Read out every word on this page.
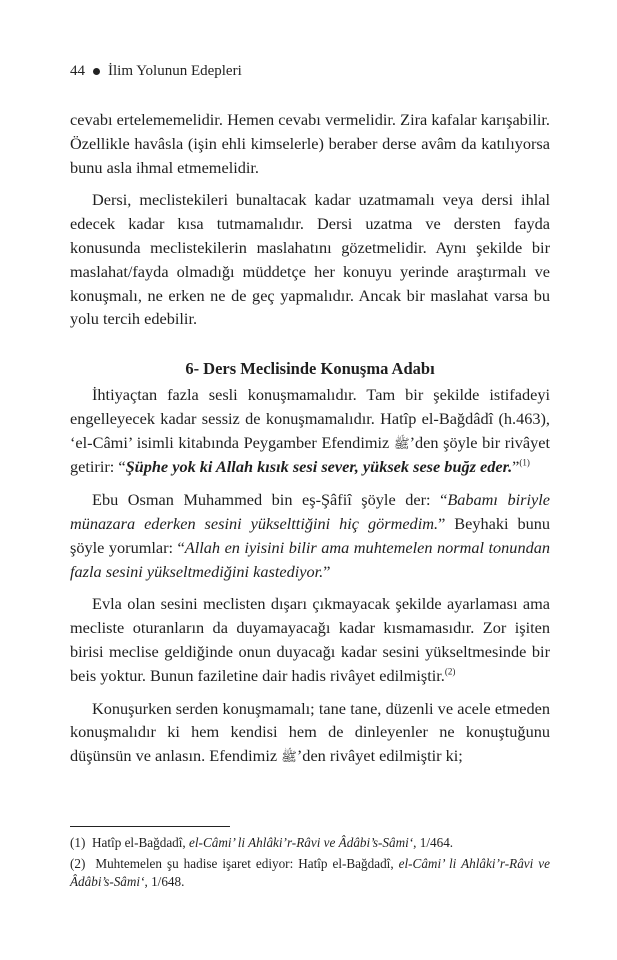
44 İlim Yolunun Edepleri

cevabı ertelememelidir. Hemen cevabı vermelidir. Zira kafalar karışabilir. Özellikle havâsla (işin ehli kimselerle) beraber derse avâm da katılıyorsa bunu asla ihmal etmemelidir.

Dersi, meclistekileri bunaltacak kadar uzatmamalı veya dersi ihlal edecek kadar kısa tutmamalıdır. Dersi uzatma ve dersten fayda konusunda meclistekilerin maslahatını gözetmelidir. Aynı şekilde bir maslahat/fayda olmadığı müddetçe her konuyu yerinde araştırmalı ve konuşmalı, ne erken ne de geç yapmalıdır. Ancak bir maslahat varsa bu yolu tercih edebilir.

6- Ders Meclisinde Konuşma Adabı

İhtiyaçtan fazla sesli konuşmamalıdır. Tam bir şekilde istifadeyi engelleyecek kadar sessiz de konuşmamalıdır. Hatîp el-Bağdâdî (h.463), ‘el-Câmi’ isimli kitabında Peygamber Efendimiz ﷺ’den şöyle bir rivâyet getirir: “Şüphe yok ki Allah kısık sesi sever, yüksek sese buğz eder.”$^{(1)}$

Ebu Osman Muhammed bin eş-Şâfiî şöyle der: “Babamı biriyle münazara ederken sesini yükselttiğini hiç görmedim.” Beyhaki bunu şöyle yorumlar: “Allah en iyisini bilir ama muhtemelen normal tonundan fazla sesini yükseltmediğini kastediyor.”

Evla olan sesini meclisten dışarı çıkmayacak şekilde ayarlaması ama mecliste oturanların da duyamayacağı kadar kısmamasıdır. Zor işiten birisi meclise geldiğinde onun duyacağı kadar sesini yükseltmesinde bir beis yoktur. Bunun faziletine dair hadis rivâyet edilmiştir.$^{(2)}$

Konuşurken serden konuşmamalı; tane tane, düzenli ve acele etmeden konuşmalıdır ki hem kendisi hem de dinleyenler ne konuştuğunu düşünsün ve anlasın. Efendimiz ﷺ’den rivâyet edilmiştir ki;

(1) Hatîp el-Bağdadî, el-Câmi’ li Ahlâki’r-Râvi ve Âdâbi’s-Sâmi‘, 1/464.

(2) Muhtemelen şu hadise işaret ediyor: Hatîp el-Bağdadî, el-Câmi’ li Ahlâki’r-Râvi ve Âdâbi’s-Sâmi‘, 1/648.
